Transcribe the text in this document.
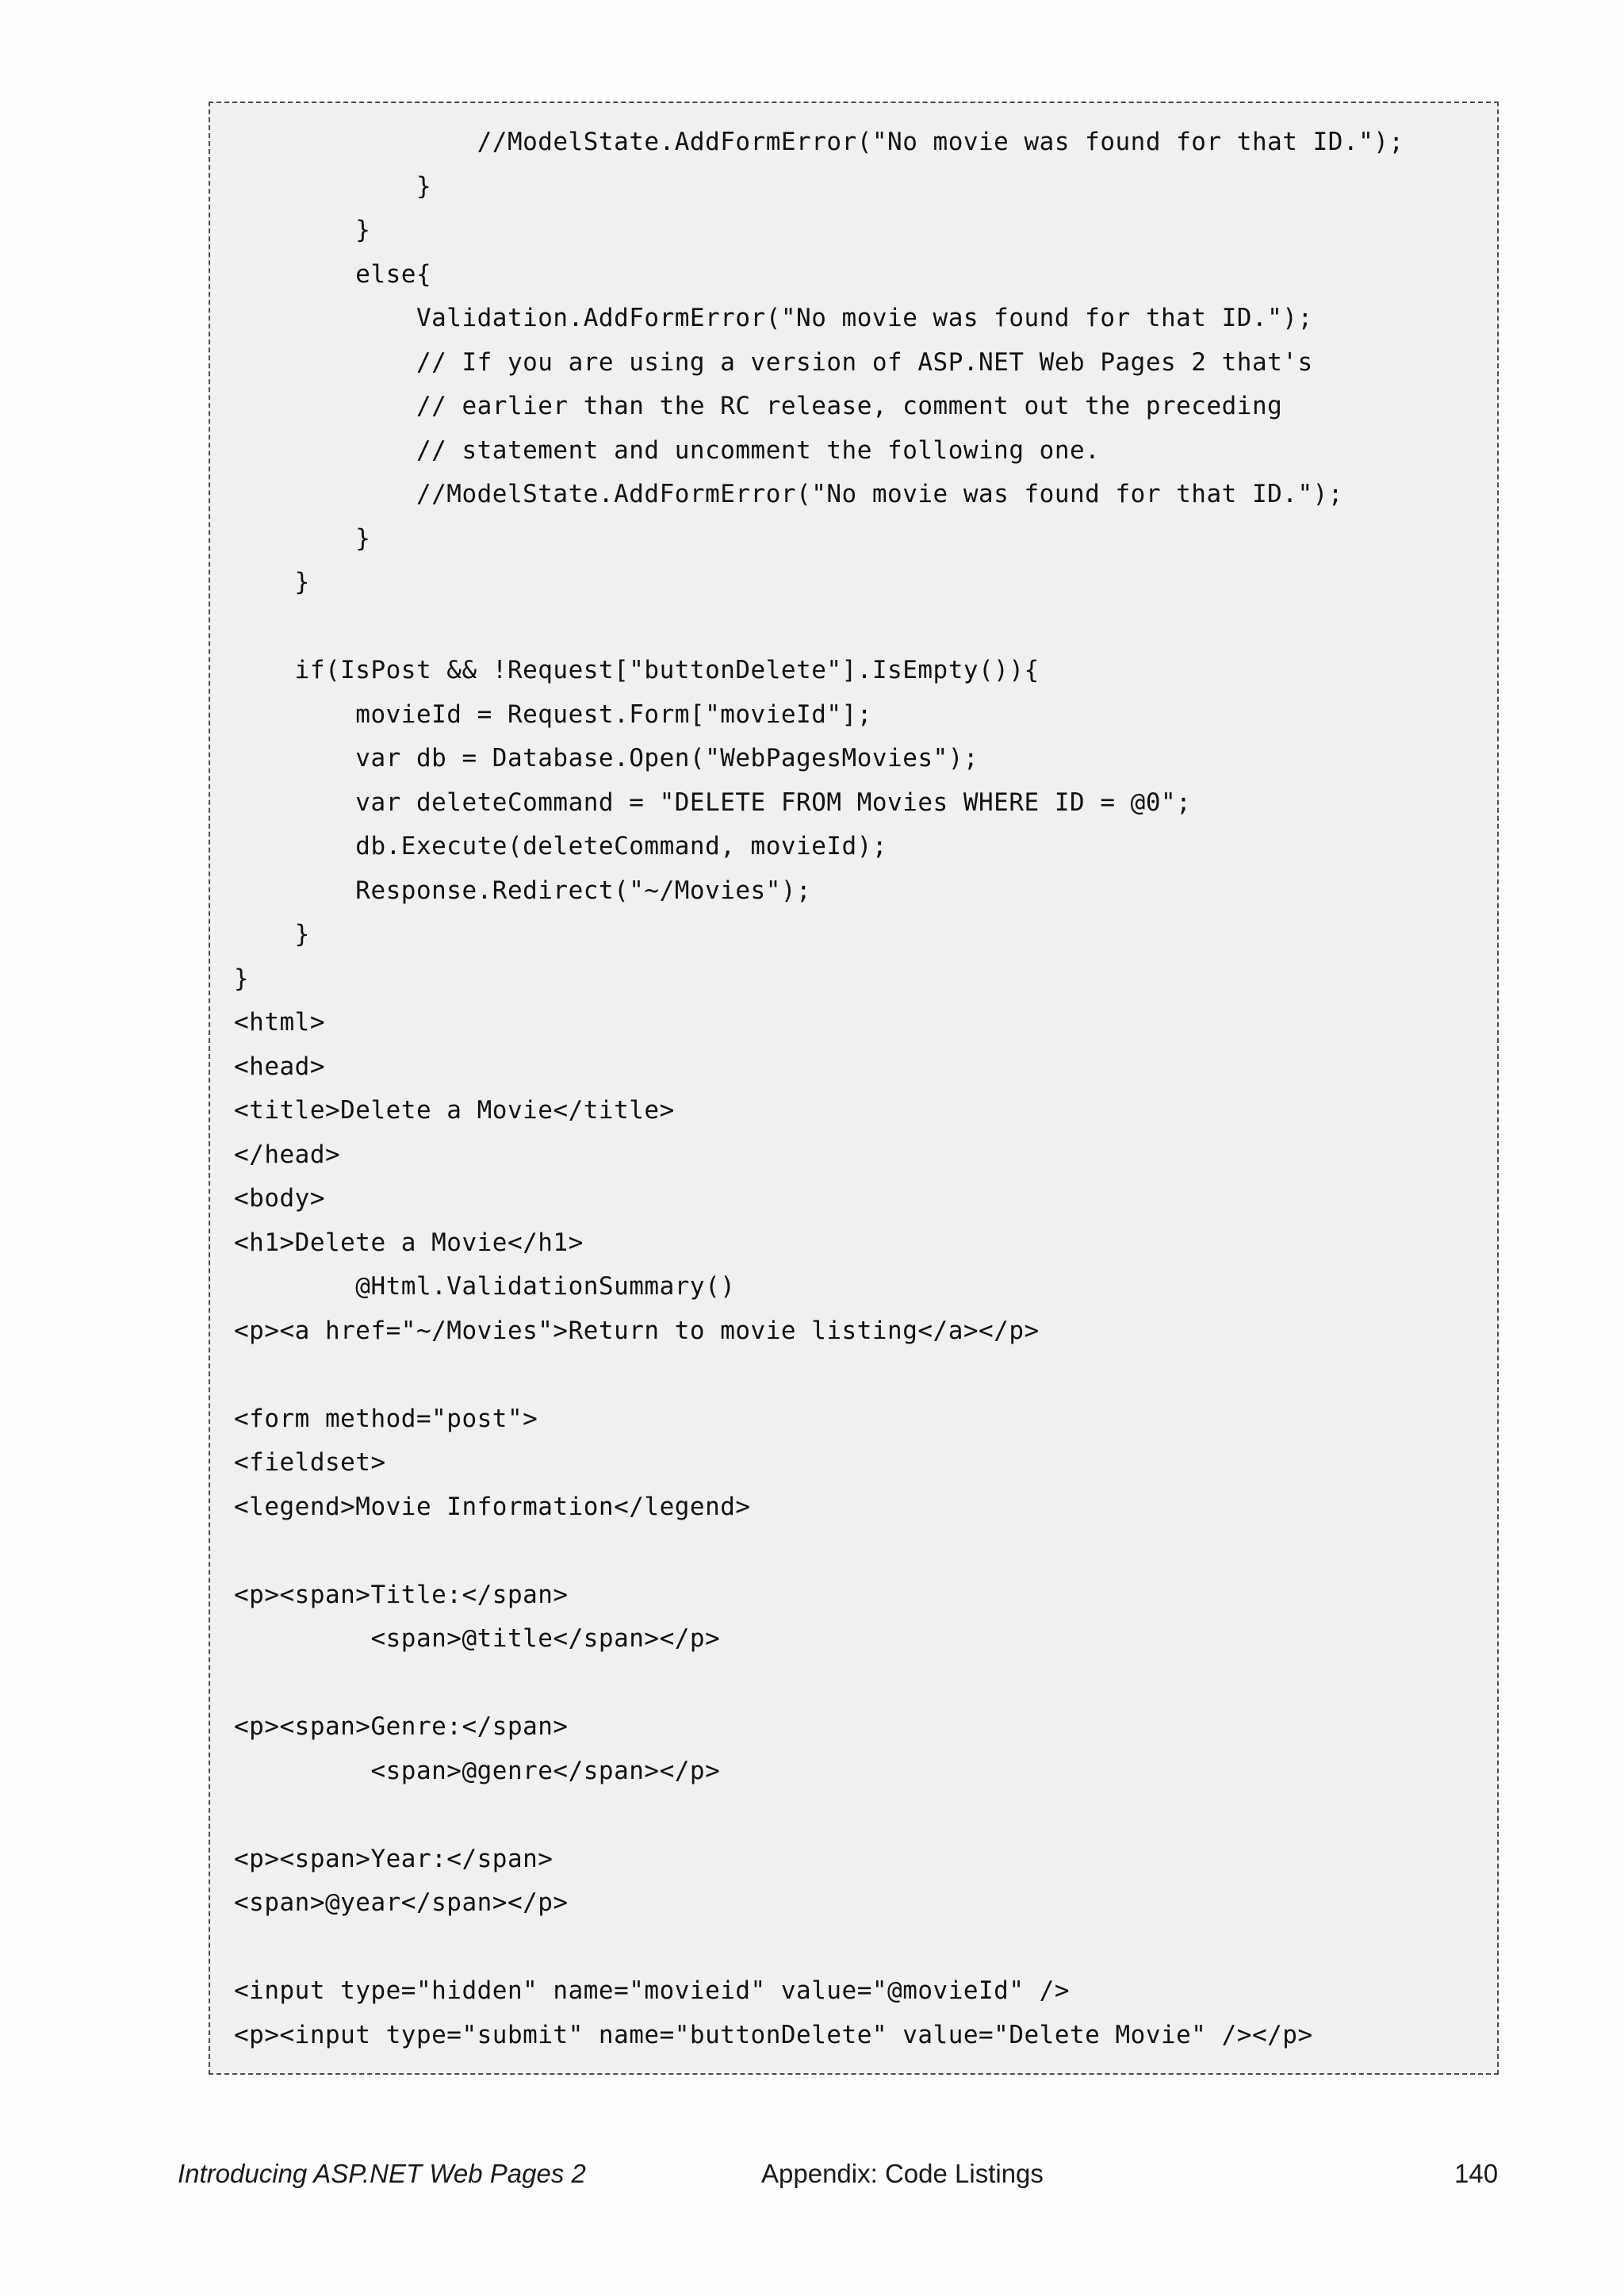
//ModelState.AddFormError("No movie was found for that ID.");
}
}
else{
Validation.AddFormError("No movie was found for that ID.");
// If you are using a version of ASP.NET Web Pages 2 that's
// earlier than the RC release, comment out the preceding
// statement and uncomment the following one.
//ModelState.AddFormError("No movie was found for that ID.");
}
}
if(IsPost && !Request["buttonDelete"].IsEmpty()){
movieId = Request.Form["movieId"];
var db = Database.Open("WebPagesMovies");
var deleteCommand = "DELETE FROM Movies WHERE ID = @0";
db.Execute(deleteCommand, movieId);
Response.Redirect("~/Movies");
}
}
<html>
<head>
<title>Delete a Movie</title>
</head>
<body>
<h1>Delete a Movie</h1>
@Html.ValidationSummary()
<p><a href="~/Movies">Return to movie listing</a></p>
<form method="post">
<fieldset>
<legend>Movie Information</legend>
<p><span>Title:</span>
<span>@title</span></p>
<p><span>Genre:</span>
<span>@genre</span></p>
<p><span>Year:</span>
<span>@year</span></p>
<input type="hidden" name="movieid" value="@movieId" />
<p><input type="submit" name="buttonDelete" value="Delete Movie" /></p>
Introducing ASP.NET Web Pages 2	Appendix: Code Listings	140
